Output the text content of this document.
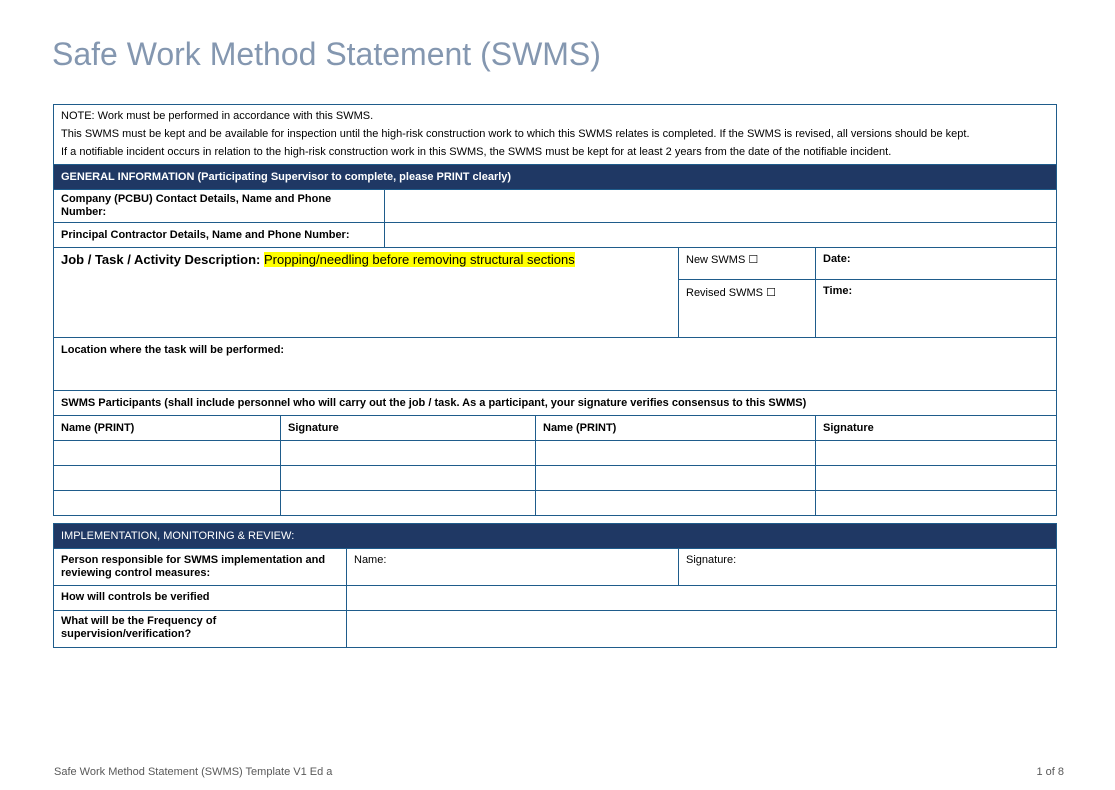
Safe Work Method Statement (SWMS)
NOTE: Work must be performed in accordance with this SWMS.					
This SWMS must be kept and be available for inspection until the high-risk construction work to which this SWMS relates is completed. If the SWMS is revised, all versions should be kept.					
If a notifiable incident occurs in relation to the high-risk construction work in this SWMS, the SWMS must be kept for at least 2 years from the date of the notifiable incident.					
GENERAL INFORMATION (Participating Supervisor to complete, please PRINT clearly)					
Company (PCBU) Contact Details, Name and Phone Number:					
Principal Contractor Details, Name and Phone Number:					
Job / Task / Activity Description: Propping/needling before removing structural sections				New SWMS ☐	Date:
				Revised SWMS ☐	Time:
Location where the task will be performed:					
SWMS Participants (shall include personnel who will carry out the job / task. As a participant, your signature verifies consensus to this SWMS)					
Name (PRINT)	Signature		Name (PRINT)		Signature

IMPLEMENTATION, MONITORING & REVIEW:		
Person responsible for SWMS implementation and reviewing control measures:	Name:	Signature:
How will controls be verified		
What will be the Frequency of supervision/verification?		
Safe Work Method Statement (SWMS) Template V1 Ed a	1 of 8
